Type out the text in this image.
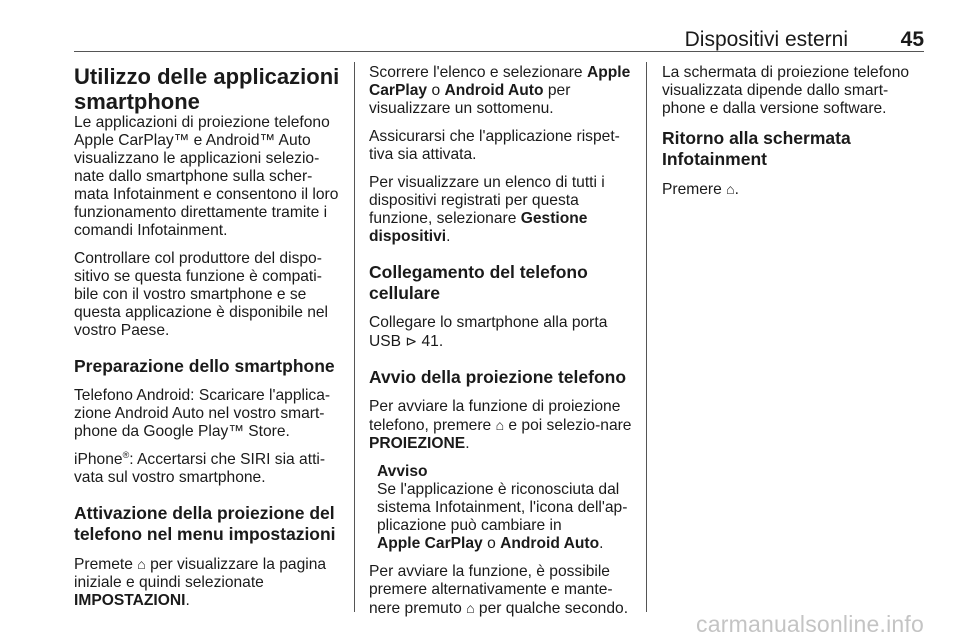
Dispositivi esterni	45
Utilizzo delle applicazioni smartphone

Le applicazioni di proiezione telefono Apple CarPlay™ e Android™ Auto visualizzano le applicazioni selezio-nate dallo smartphone sulla scher-mata Infotainment e consentono il loro funzionamento direttamente tramite i comandi Infotainment.

Controllare col produttore del dispo-sitivo se questa funzione è compati-bile con il vostro smartphone e se questa applicazione è disponibile nel vostro Paese.

Preparazione dello smartphone

Telefono Android: Scaricare l'applica-zione Android Auto nel vostro smart-phone da Google Play™ Store.

iPhone®: Accertarsi che SIRI sia atti-vata sul vostro smartphone.

Attivazione della proiezione del telefono nel menu impostazioni

Premete ⌂ per visualizzare la pagina iniziale e quindi selezionate
IMPOSTAZIONI.

Scorrere l'elenco e selezionare Apple CarPlay o Android Auto per visualizzare un sottomenu.

Assicurarsi che l'applicazione rispet-tiva sia attivata.

Per visualizzare un elenco di tutti i dispositivi registrati per questa funzione, selezionare Gestione dispositivi.

Collegamento del telefono cellulare

Collegare lo smartphone alla porta USB ⊳ 41.

Avvio della proiezione telefono

Per avviare la funzione di proiezione telefono, premere ⌂ e poi selezio-nare PROIEZIONE.

Avviso
Se l'applicazione è riconosciuta dal sistema Infotainment, l'icona dell'ap-plicazione può cambiare in
Apple CarPlay o Android Auto.

Per avviare la funzione, è possibile premere alternativamente e mante-nere premuto ⌂ per qualche secondo.

La schermata di proiezione telefono visualizzata dipende dallo smart-phone e dalla versione software.

Ritorno alla schermata Infotainment

Premere ⌂.

carmanualsonline.info
